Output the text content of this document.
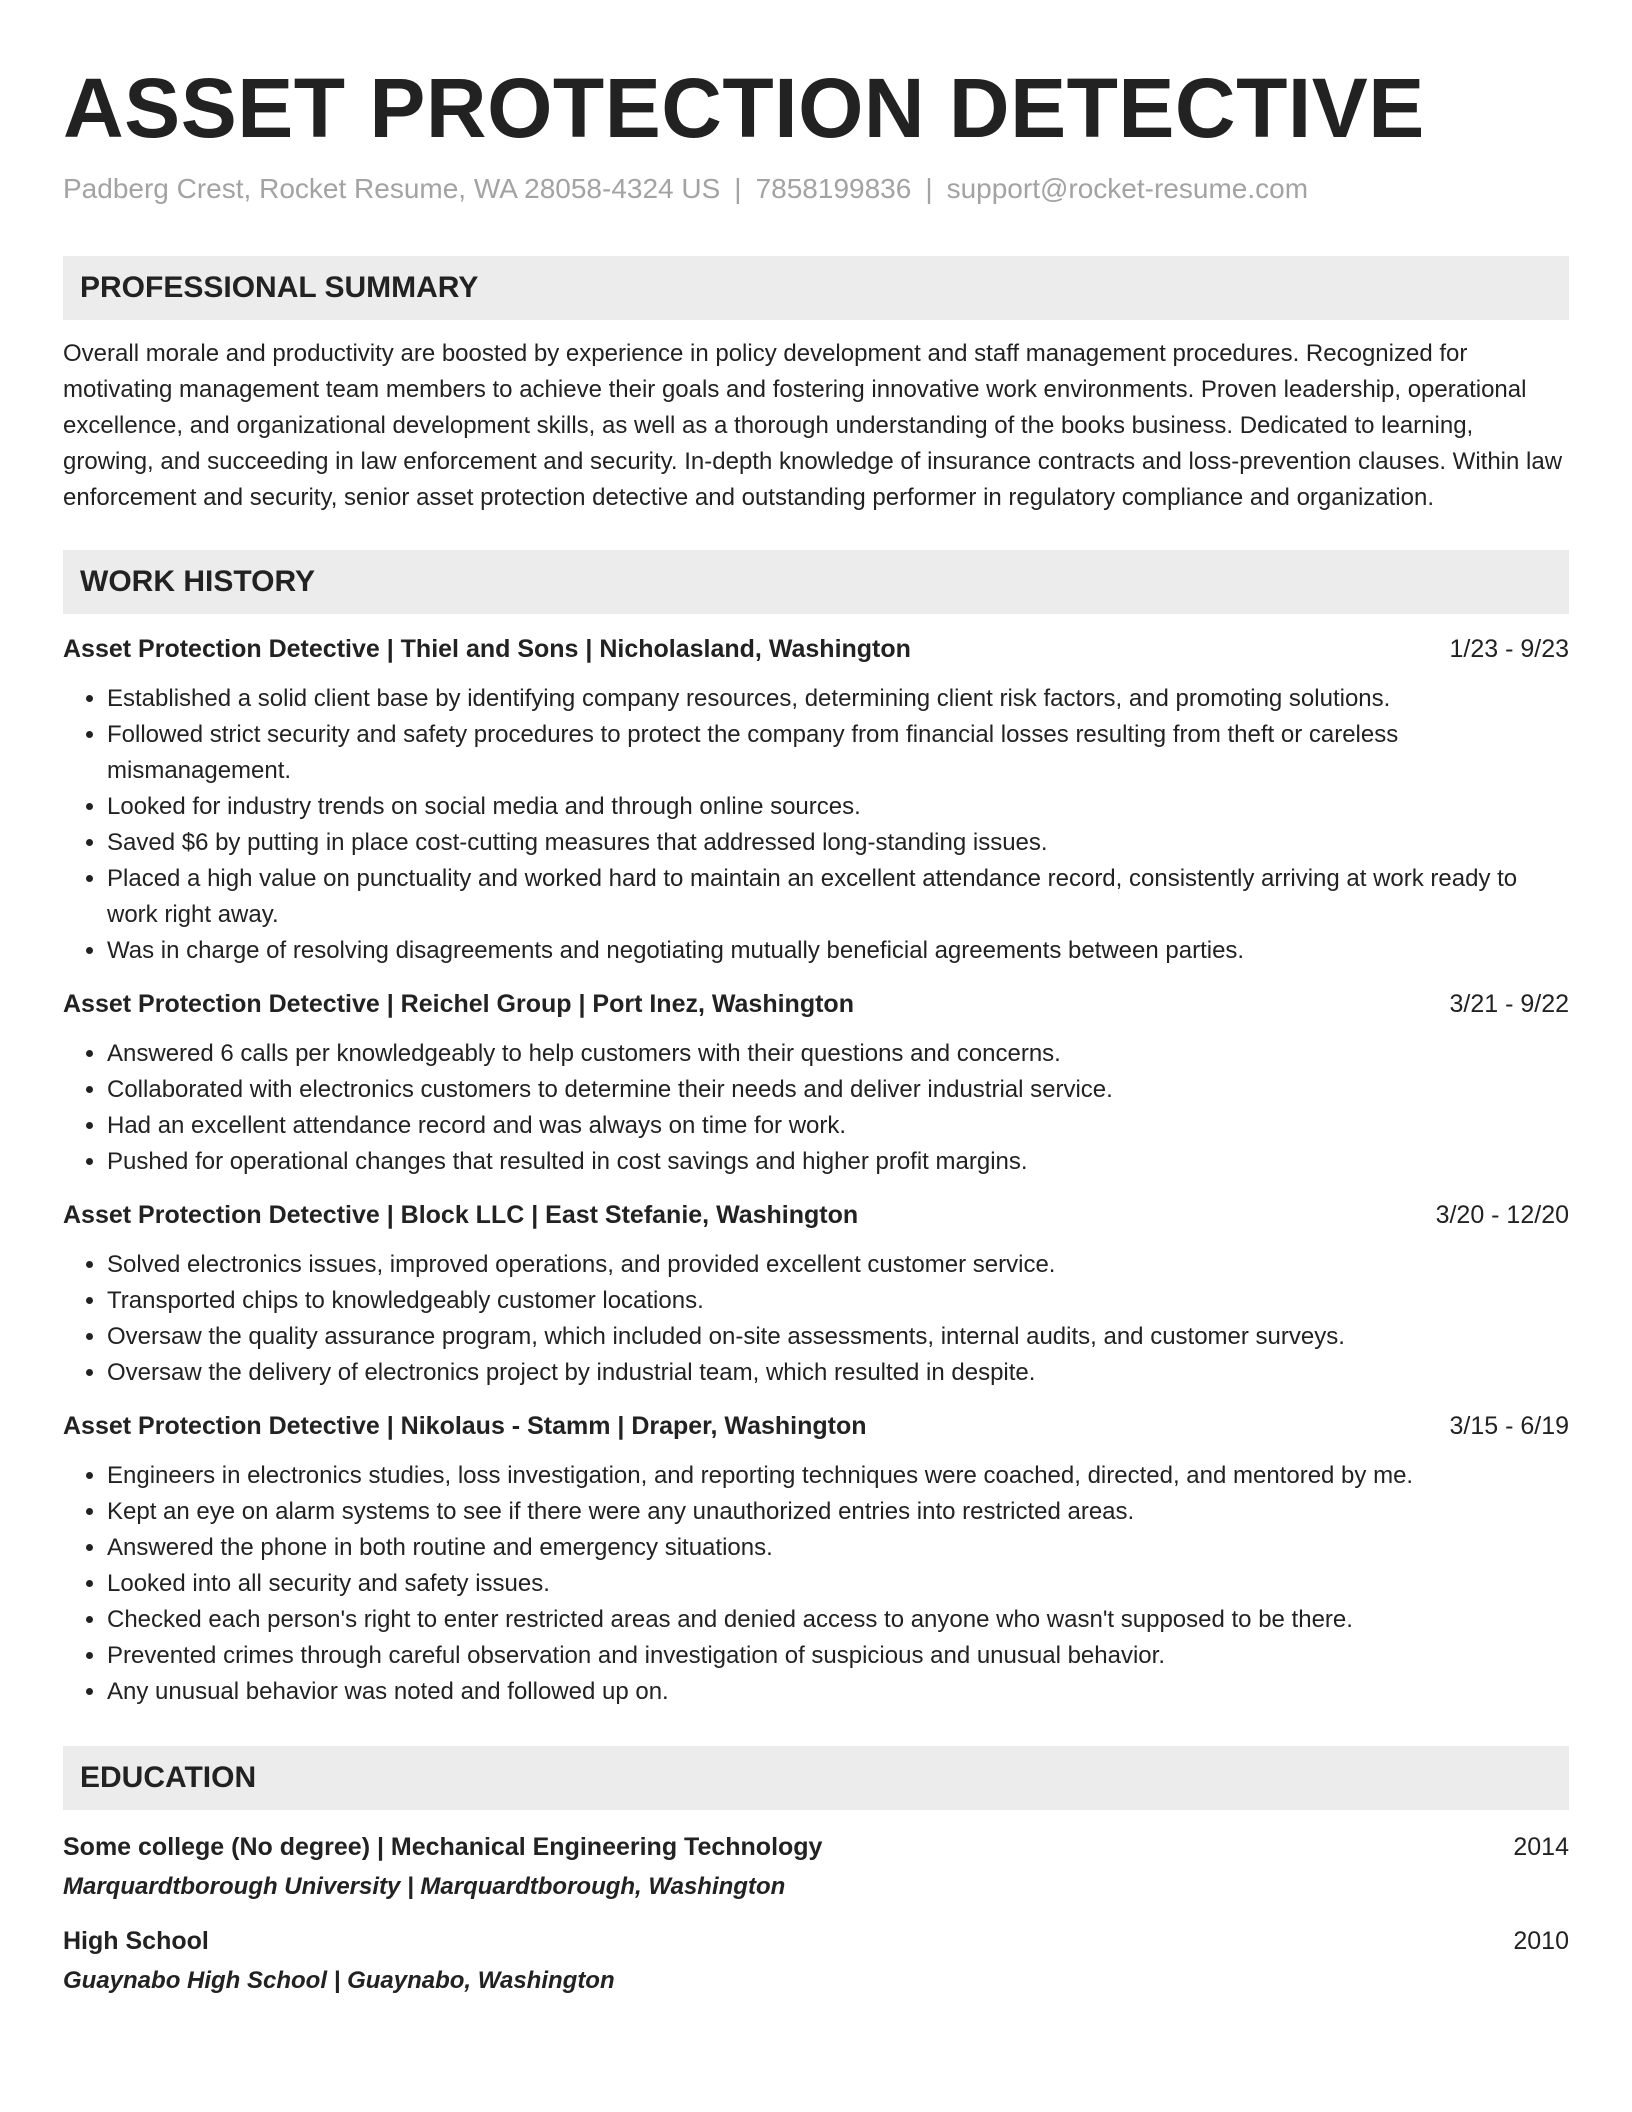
ASSET PROTECTION DETECTIVE
Padberg Crest, Rocket Resume, WA 28058-4324 US | 7858199836 | support@rocket-resume.com
PROFESSIONAL SUMMARY
Overall morale and productivity are boosted by experience in policy development and staff management procedures. Recognized for motivating management team members to achieve their goals and fostering innovative work environments. Proven leadership, operational excellence, and organizational development skills, as well as a thorough understanding of the books business. Dedicated to learning, growing, and succeeding in law enforcement and security. In-depth knowledge of insurance contracts and loss-prevention clauses. Within law enforcement and security, senior asset protection detective and outstanding performer in regulatory compliance and organization.
WORK HISTORY
Asset Protection Detective | Thiel and Sons | Nicholasland, Washington	1/23 - 9/23
• Established a solid client base by identifying company resources, determining client risk factors, and promoting solutions.
• Followed strict security and safety procedures to protect the company from financial losses resulting from theft or careless mismanagement.
• Looked for industry trends on social media and through online sources.
• Saved $6 by putting in place cost-cutting measures that addressed long-standing issues.
• Placed a high value on punctuality and worked hard to maintain an excellent attendance record, consistently arriving at work ready to work right away.
• Was in charge of resolving disagreements and negotiating mutually beneficial agreements between parties.
Asset Protection Detective | Reichel Group | Port Inez, Washington	3/21 - 9/22
• Answered 6 calls per knowledgeably to help customers with their questions and concerns.
• Collaborated with electronics customers to determine their needs and deliver industrial service.
• Had an excellent attendance record and was always on time for work.
• Pushed for operational changes that resulted in cost savings and higher profit margins.
Asset Protection Detective | Block LLC | East Stefanie, Washington	3/20 - 12/20
• Solved electronics issues, improved operations, and provided excellent customer service.
• Transported chips to knowledgeably customer locations.
• Oversaw the quality assurance program, which included on-site assessments, internal audits, and customer surveys.
• Oversaw the delivery of electronics project by industrial team, which resulted in despite.
Asset Protection Detective | Nikolaus - Stamm | Draper, Washington	3/15 - 6/19
• Engineers in electronics studies, loss investigation, and reporting techniques were coached, directed, and mentored by me.
• Kept an eye on alarm systems to see if there were any unauthorized entries into restricted areas.
• Answered the phone in both routine and emergency situations.
• Looked into all security and safety issues.
• Checked each person's right to enter restricted areas and denied access to anyone who wasn't supposed to be there.
• Prevented crimes through careful observation and investigation of suspicious and unusual behavior.
• Any unusual behavior was noted and followed up on.
EDUCATION
Some college (No degree) | Mechanical Engineering Technology	2014
Marquardtborough University | Marquardtborough, Washington
High School	2010
Guaynabo High School | Guaynabo, Washington
